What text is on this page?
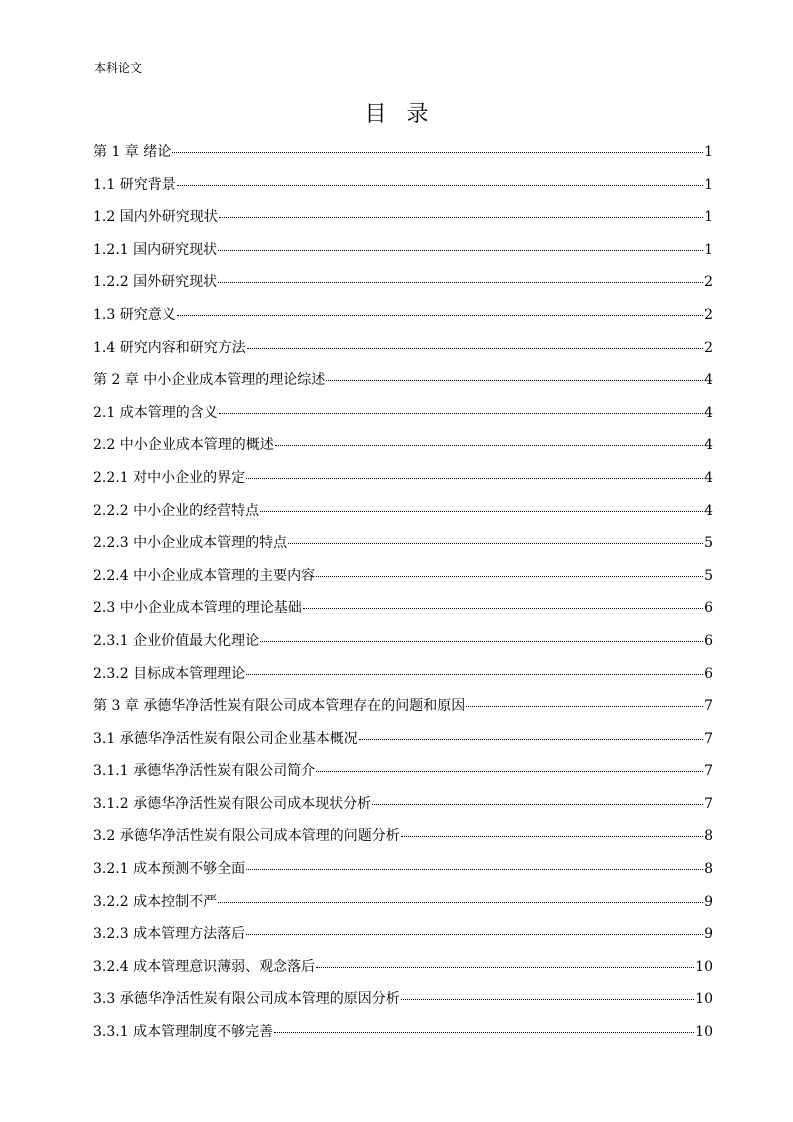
本科论文
目录
第 1 章 绪论	1
1.1 研究背景	1
1.2 国内外研究现状	1
1.2.1 国内研究现状	1
1.2.2 国外研究现状	2
1.3 研究意义	2
1.4 研究内容和研究方法	2
第 2 章 中小企业成本管理的理论综述	4
2.1 成本管理的含义	4
2.2 中小企业成本管理的概述	4
2.2.1 对中小企业的界定	4
2.2.2 中小企业的经营特点	4
2.2.3 中小企业成本管理的特点	5
2.2.4 中小企业成本管理的主要内容	5
2.3 中小企业成本管理的理论基础	6
2.3.1 企业价值最大化理论	6
2.3.2 目标成本管理理论	6
第 3 章 承德华净活性炭有限公司成本管理存在的问题和原因	7
3.1 承德华净活性炭有限公司企业基本概况	7
3.1.1 承德华净活性炭有限公司简介	7
3.1.2 承德华净活性炭有限公司成本现状分析	7
3.2 承德华净活性炭有限公司成本管理的问题分析	8
3.2.1 成本预测不够全面	8
3.2.2 成本控制不严	9
3.2.3 成本管理方法落后	9
3.2.4 成本管理意识薄弱、观念落后	10
3.3 承德华净活性炭有限公司成本管理的原因分析	10
3.3.1 成本管理制度不够完善	10
